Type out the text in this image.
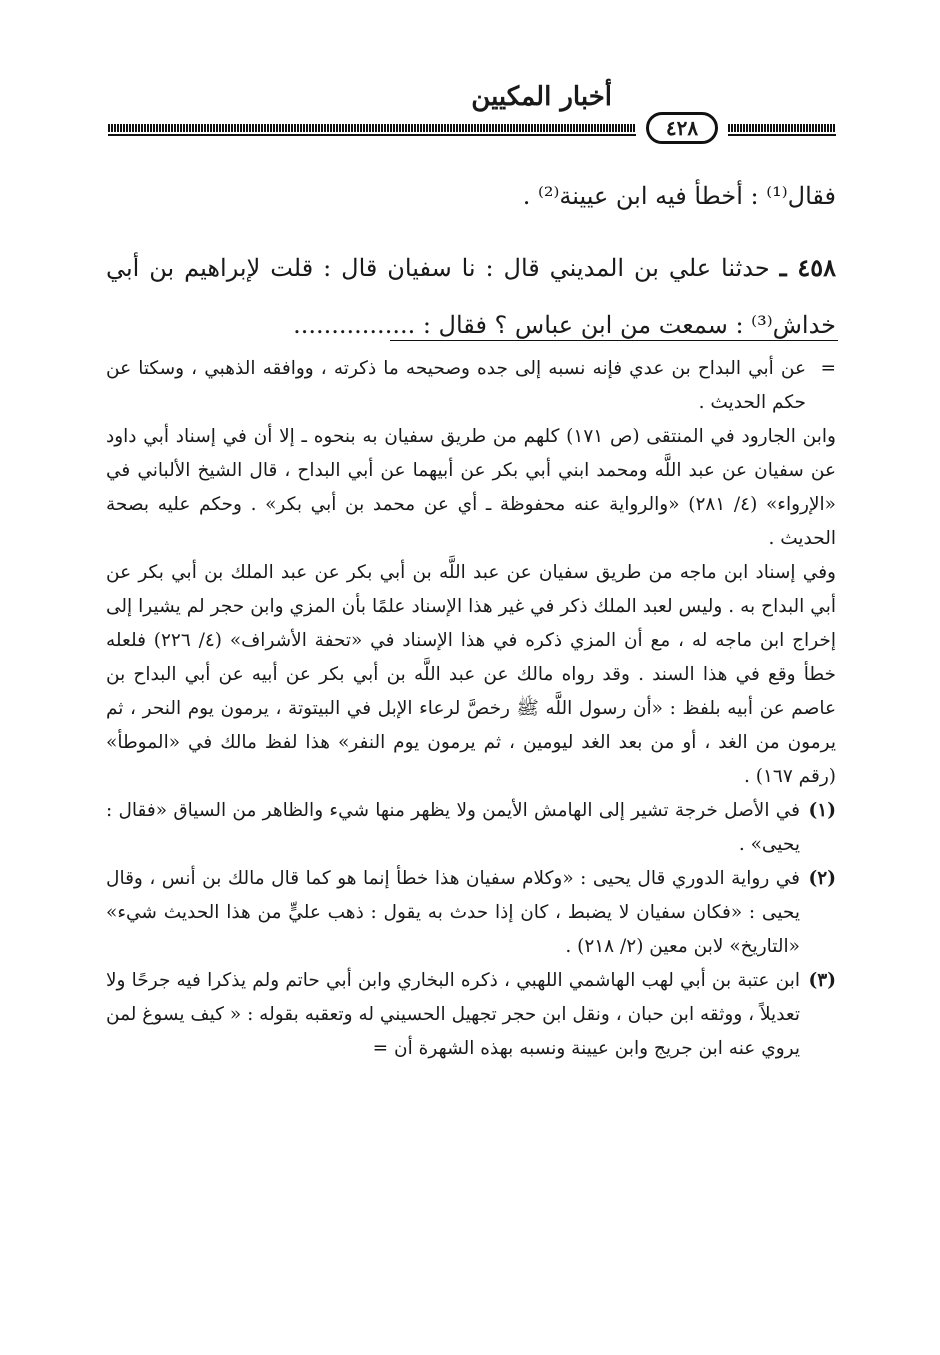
أخبار المكيين
٤٢٨

فقال⁽¹⁾ : أخطأ فيه ابن عيينة⁽²⁾ .

٤٥٨ ـ حدثنا علي بن المديني قال : نا سفيان قال : قلت لإبراهيم بن أبي خداش⁽³⁾ : سمعت من ابن عباس ؟ فقال : ................

=
عن أبي البداح بن عدي فإنه نسبه إلى جده وصحيحه ما ذكرته ، ووافقه الذهبي ، وسكتا عن حكم الحديث .

وابن الجارود في المنتقى (ص ١٧١) كلهم من طريق سفيان به بنحوه ـ إلا أن في إسناد أبي داود عن سفيان عن عبد اللَّه ومحمد ابني أبي بكر عن أبيهما عن أبي البداح ، قال الشيخ الألباني في «الإرواء» (٤/ ٢٨١) «والرواية عنه محفوظة ـ أي عن محمد بن أبي بكر» . وحكم عليه بصحة الحديث .

وفي إسناد ابن ماجه من طريق سفيان عن عبد اللَّه بن أبي بكر عن عبد الملك بن أبي بكر عن أبي البداح به . وليس لعبد الملك ذكر في غير هذا الإسناد علمًا بأن المزي وابن حجر لم يشيرا إلى إخراج ابن ماجه له ، مع أن المزي ذكره في هذا الإسناد في «تحفة الأشراف» (٤/ ٢٢٦) فلعله خطأ وقع في هذا السند . وقد رواه مالك عن عبد اللَّه بن أبي بكر عن أبيه عن أبي البداح بن عاصم عن أبيه بلفظ : «أن رسول اللَّه ﷺ رخصَّ لرعاء الإبل في البيتوتة ، يرمون يوم النحر ، ثم يرمون من الغد ، أو من بعد الغد ليومين ، ثم يرمون يوم النفر» هذا لفظ مالك في «الموطأ» (رقم ١٦٧) .

(١)
في الأصل خرجة تشير إلى الهامش الأيمن ولا يظهر منها شيء والظاهر من السياق «فقال : يحيى» .
(٢)
في رواية الدوري قال يحيى : «وكلام سفيان هذا خطأ إنما هو كما قال مالك بن أنس ، وقال يحيى : «فكان سفيان لا يضبط ، كان إذا حدث به يقول : ذهب عليٍّ من هذا الحديث شيء» «التاريخ» لابن معين (٢/ ٢١٨) .
(٣)
ابن عتبة بن أبي لهب الهاشمي اللهبي ، ذكره البخاري وابن أبي حاتم ولم يذكرا فيه جرحًا ولا تعديلاً ، ووثقه ابن حبان ، ونقل ابن حجر تجهيل الحسيني له وتعقبه بقوله : « كيف يسوغ لمن يروي عنه ابن جريج وابن عيينة ونسبه بهذه الشهرة أن =
